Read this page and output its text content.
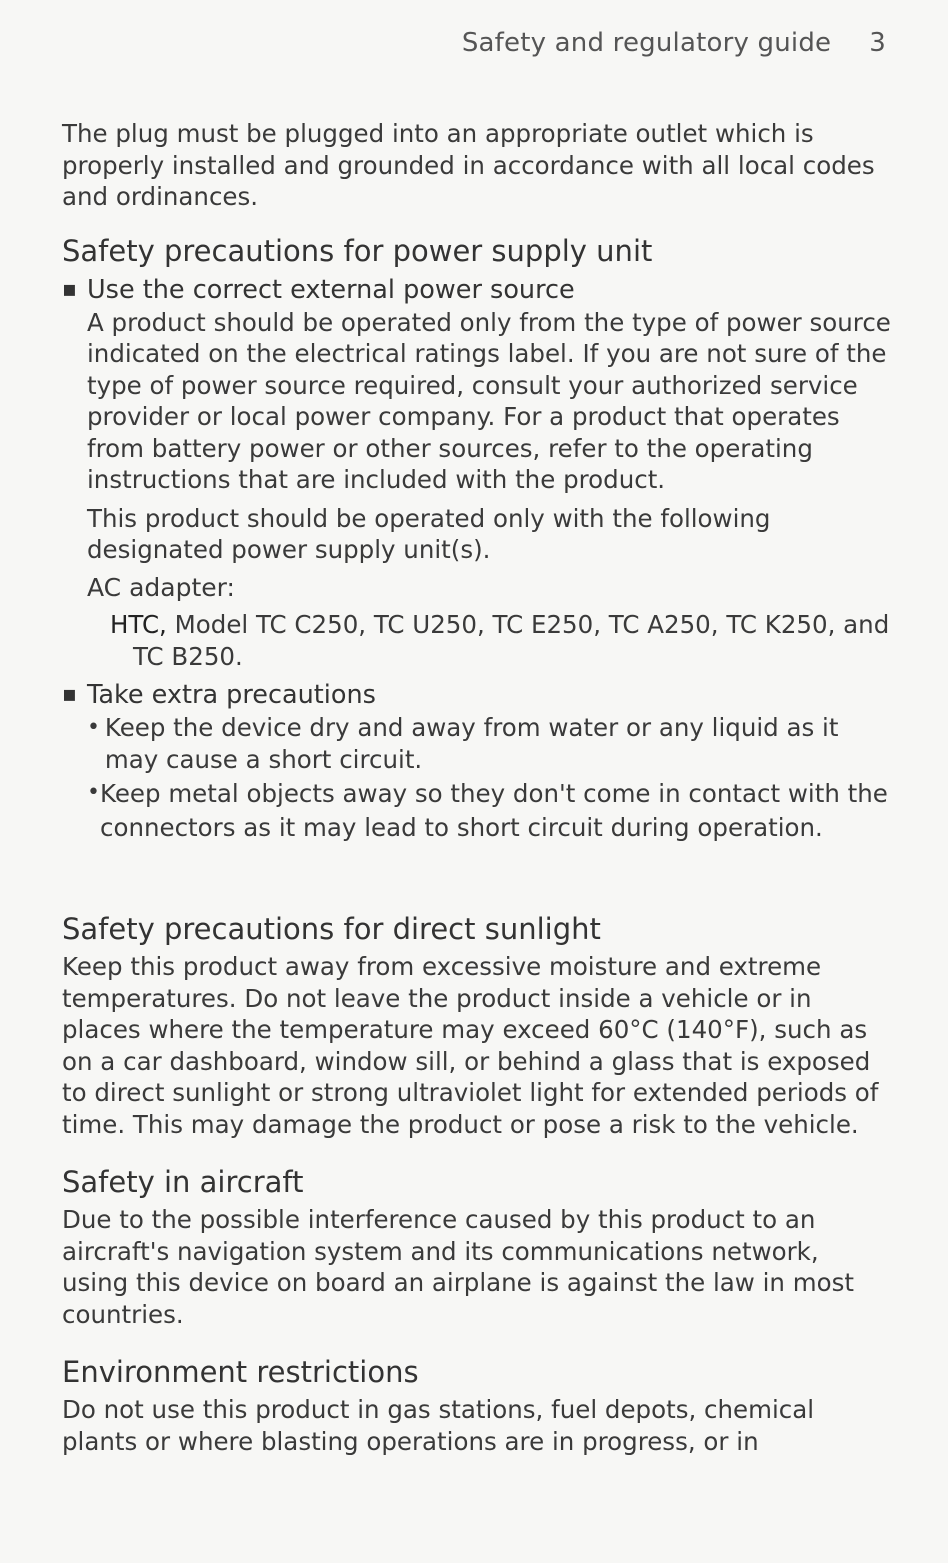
Safety and regulatory guide 3

The plug must be plugged into an appropriate outlet which is properly installed and grounded in accordance with all local codes and ordinances.

Safety precautions for power supply unit
▪ Use the correct external power source

A product should be operated only from the type of power source indicated on the electrical ratings label. If you are not sure of the type of power source required, consult your authorized service provider or local power company. For a product that operates from battery power or other sources, refer to the operating instructions that are included with the product.

This product should be operated only with the following designated power supply unit(s).

AC adapter:

HTC, Model TC C250, TC U250, TC E250, TC A250, TC K250, and TC B250.

▪ Take extra precautions
• Keep the device dry and away from water or any liquid as it may cause a short circuit.

• Keep metal objects away so they don't come in contact with the connectors as it may lead to short circuit during operation.

Safety precautions for direct sunlight

Keep this product away from excessive moisture and extreme temperatures. Do not leave the product inside a vehicle or in places where the temperature may exceed 60°C (140°F), such as on a car dashboard, window sill, or behind a glass that is exposed to direct sunlight or strong ultraviolet light for extended periods of time. This may damage the product or pose a risk to the vehicle.

Safety in aircraft

Due to the possible interference caused by this product to an aircraft's navigation system and its communications network, using this device on board an airplane is against the law in most countries.

Environment restrictions

Do not use this product in gas stations, fuel depots, chemical plants or where blasting operations are in progress, or in
